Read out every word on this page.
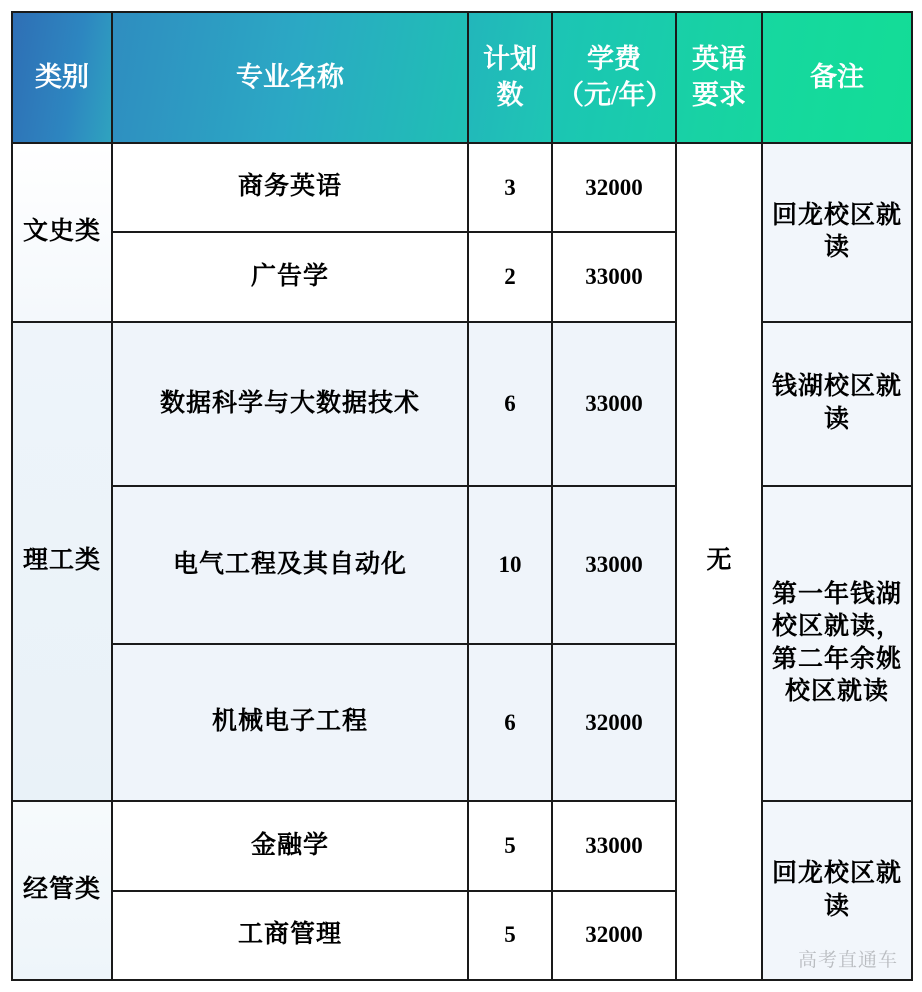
类别	专业名称	计划数	学费（元/年）	英语要求	备注
文史类	商务英语	3	32000	无	回龙校区就读
	广告学	2	33000		
理工类	数据科学与大数据技术	6	33000		钱湖校区就读
	电气工程及其自动化	10	33000		第一年钱湖校区就读，第二年余姚校区就读
	机械电子工程	6	32000		
经管类	金融学	5	33000		回龙校区就读
	工商管理	5	32000		
高考直通车
